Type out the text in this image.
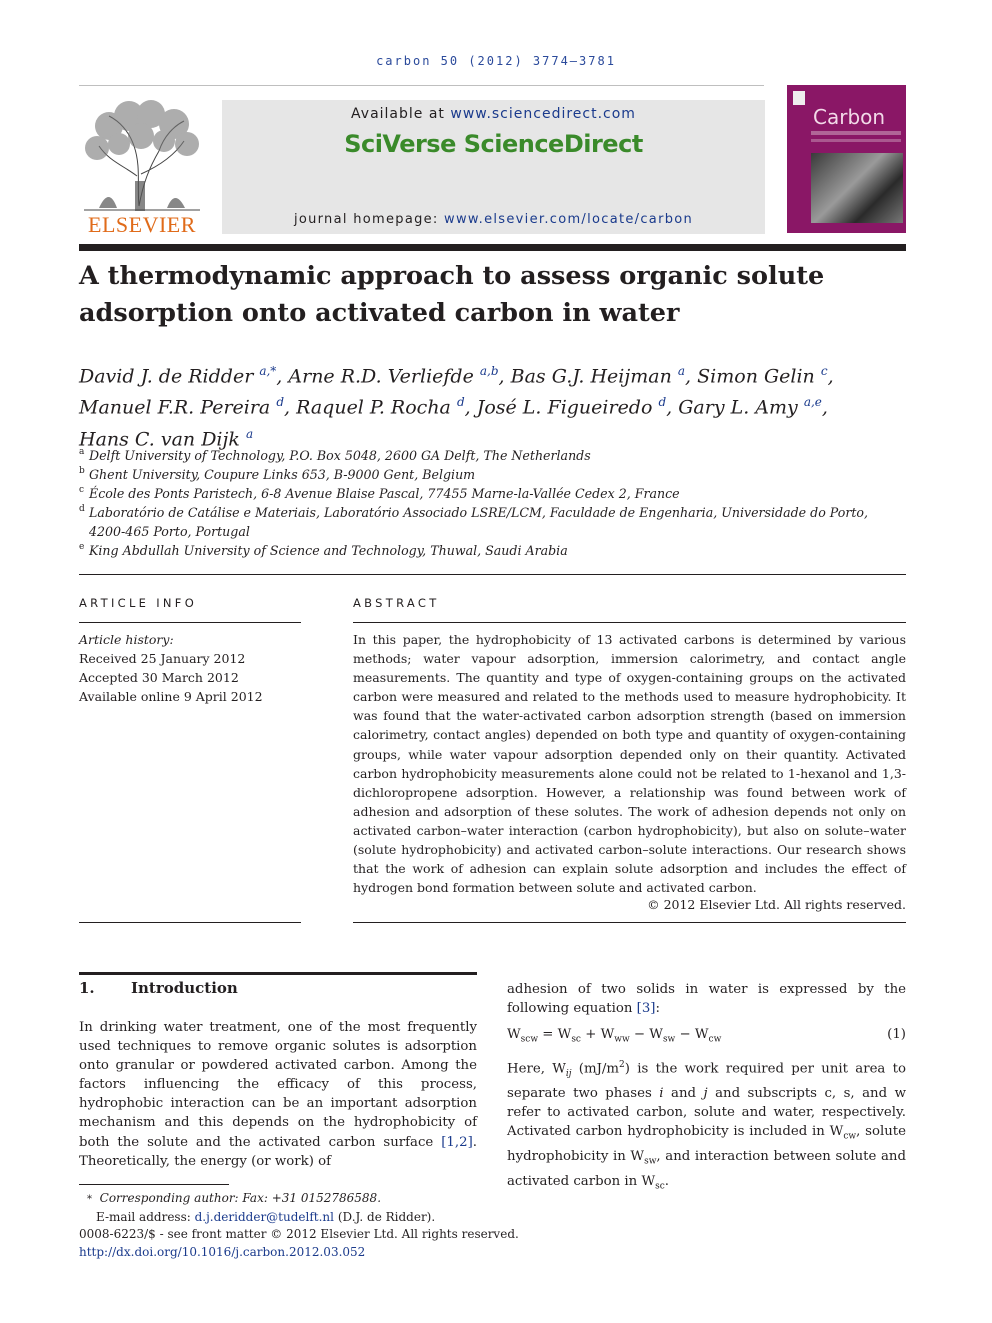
carbon 50 (2012) 3774–3781
ELSEVIER
Available at www.sciencedirect.com
SciVerse ScienceDirect
journal homepage: www.elsevier.com/locate/carbon
Carbon
A thermodynamic approach to assess organic solute adsorption onto activated carbon in water
David J. de Ridder $^{a,*}$, Arne R.D. Verliefde $^{a,b}$, Bas G.J. Heijman $^a$, Simon Gelin $^c$,
Manuel F.R. Pereira $^d$, Raquel P. Rocha $^d$, José L. Figueiredo $^d$, Gary L. Amy $^{a,e}$,
Hans C. van Dijk $^a$
a Delft University of Technology, P.O. Box 5048, 2600 GA Delft, The Netherlands
b Ghent University, Coupure Links 653, B-9000 Gent, Belgium
c École des Ponts Paristech, 6-8 Avenue Blaise Pascal, 77455 Marne-la-Vallée Cedex 2, France
d Laboratório de Catálise e Materiais, Laboratório Associado LSRE/LCM, Faculdade de Engenharia, Universidade do Porto, 4200-465 Porto, Portugal
e King Abdullah University of Science and Technology, Thuwal, Saudi Arabia
ARTICLE INFO
Article history:
Received 25 January 2012
Accepted 30 March 2012
Available online 9 April 2012
ABSTRACT
In this paper, the hydrophobicity of 13 activated carbons is determined by various methods; water vapour adsorption, immersion calorimetry, and contact angle measurements. The quantity and type of oxygen-containing groups on the activated carbon were measured and related to the methods used to measure hydrophobicity. It was found that the water-activated carbon adsorption strength (based on immersion calorimetry, contact angles) depended on both type and quantity of oxygen-containing groups, while water vapour adsorption depended only on their quantity. Activated carbon hydrophobicity measurements alone could not be related to 1-hexanol and 1,3-dichloropropene adsorption. However, a relationship was found between work of adhesion and adsorption of these solutes. The work of adhesion depends not only on activated carbon–water interaction (carbon hydrophobicity), but also on solute–water (solute hydrophobicity) and activated carbon–solute interactions. Our research shows that the work of adhesion can explain solute adsorption and includes the effect of hydrogen bond formation between solute and activated carbon.
© 2012 Elsevier Ltd. All rights reserved.
1. Introduction
In drinking water treatment, one of the most frequently used techniques to remove organic solutes is adsorption onto granular or powdered activated carbon. Among the factors influencing the efficacy of this process, hydrophobic interaction can be an important adsorption mechanism and this depends on the hydrophobicity of both the solute and the activated carbon surface [1,2]. Theoretically, the energy (or work) of
adhesion of two solids in water is expressed by the following equation [3]:
$W_{scw} = W_{sc} + W_{ww} - W_{sw} - W_{cw}$	(1)
Here, $W_{ij}$ $(mJ/m^2)$ is the work required per unit area to separate two phases i and j and subscripts c, s, and w refer to activated carbon, solute and water, respectively. Activated carbon hydrophobicity is included in $W_{cw}$, solute hydrophobicity in $W_{sw}$, and interaction between solute and activated carbon in $W_{sc}$.
* Corresponding author: Fax: +31 0152786588.
E-mail address: d.j.deridder@tudelft.nl (D.J. de Ridder).
0008-6223/$ - see front matter © 2012 Elsevier Ltd. All rights reserved.
http://dx.doi.org/10.1016/j.carbon.2012.03.052
